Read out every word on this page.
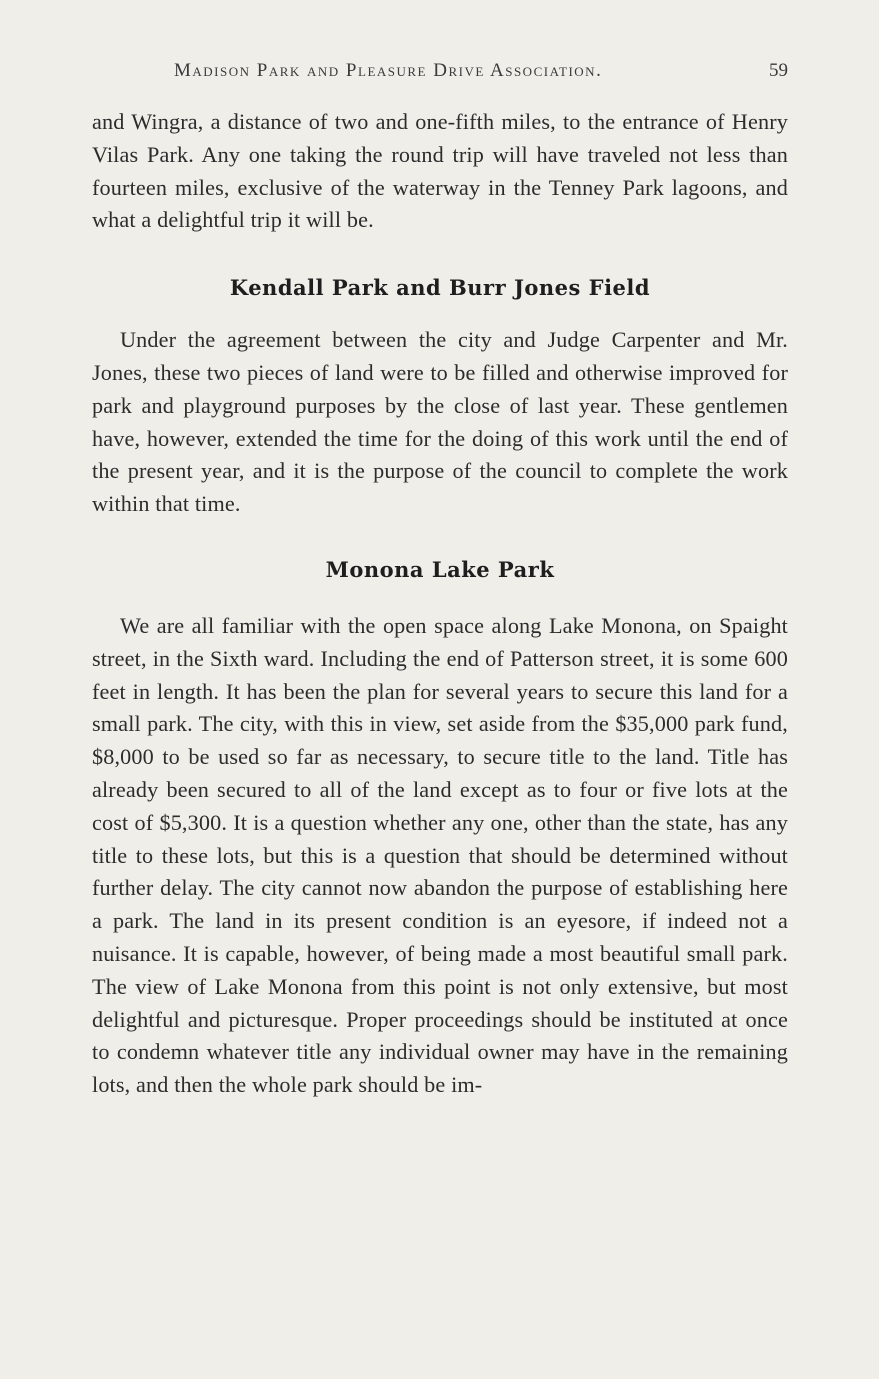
Madison Park and Pleasure Drive Association.	59

and Wingra, a distance of two and one-fifth miles, to the entrance of Henry Vilas Park. Any one taking the round trip will have traveled not less than fourteen miles, exclusive of the waterway in the Tenney Park lagoons, and what a delightful trip it will be.

Kendall Park and Burr Jones Field

Under the agreement between the city and Judge Carpenter and Mr. Jones, these two pieces of land were to be filled and otherwise improved for park and playground purposes by the close of last year. These gentlemen have, however, extended the time for the doing of this work until the end of the present year, and it is the purpose of the council to complete the work within that time.

Monona Lake Park

We are all familiar with the open space along Lake Monona, on Spaight street, in the Sixth ward. Including the end of Patterson street, it is some 600 feet in length. It has been the plan for several years to secure this land for a small park. The city, with this in view, set aside from the $35,000 park fund, $8,000 to be used so far as necessary, to secure title to the land. Title has already been secured to all of the land except as to four or five lots at the cost of $5,300. It is a question whether any one, other than the state, has any title to these lots, but this is a question that should be determined without further delay. The city cannot now abandon the purpose of establishing here a park. The land in its present condition is an eyesore, if indeed not a nuisance. It is capable, however, of being made a most beautiful small park. The view of Lake Monona from this point is not only extensive, but most delightful and picturesque. Proper proceedings should be instituted at once to condemn whatever title any individual owner may have in the remaining lots, and then the whole park should be im-
